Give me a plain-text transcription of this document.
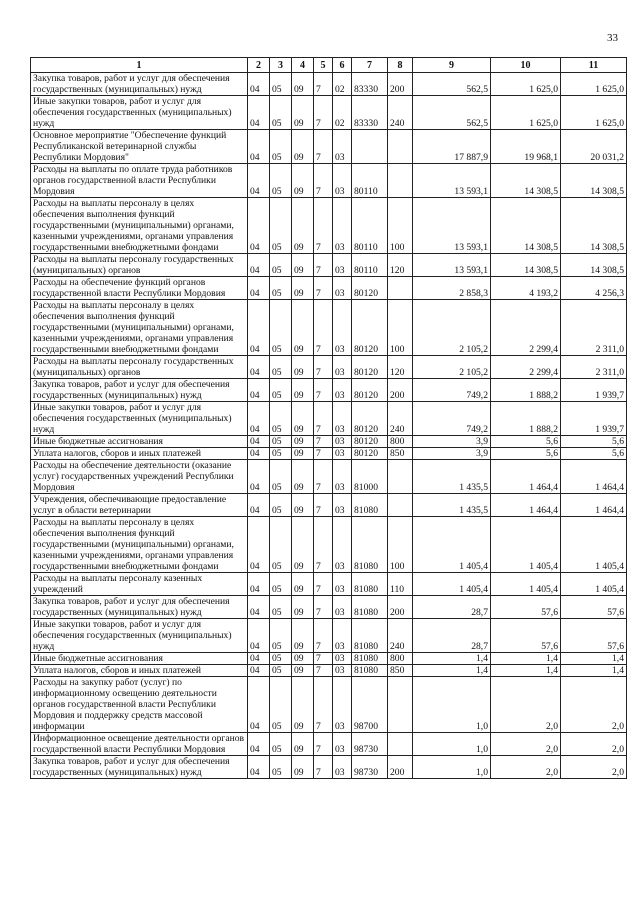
33
1	2	3	4	5	6	7	8	9	10	11
Закупка товаров, работ и услуг для обеспечения государственных (муниципальных) нужд	04	05	09	7	02	83330	200	562,5	1 625,0	1 625,0
Иные закупки товаров, работ и услуг для обеспечения государственных (муниципальных) нужд	04	05	09	7	02	83330	240	562,5	1 625,0	1 625,0
Основное мероприятие "Обеспечение функций Республиканской ветеринарной службы Республики Мордовия"	04	05	09	7	03			17 887,9	19 968,1	20 031,2
Расходы на выплаты по оплате труда работников органов государственной власти Республики Мордовия	04	05	09	7	03	80110		13 593,1	14 308,5	14 308,5
Расходы на выплаты персоналу в целях обеспечения выполнения функций государственными (муниципальными) органами, казенными учреждениями, органами управления государственными внебюджетными фондами	04	05	09	7	03	80110	100	13 593,1	14 308,5	14 308,5
Расходы на выплаты персоналу государственных (муниципальных) органов	04	05	09	7	03	80110	120	13 593,1	14 308,5	14 308,5
Расходы на обеспечение функций органов государственной власти Республики Мордовия	04	05	09	7	03	80120		2 858,3	4 193,2	4 256,3
Расходы на выплаты персоналу в целях обеспечения выполнения функций государственными (муниципальными) органами, казенными учреждениями, органами управления государственными внебюджетными фондами	04	05	09	7	03	80120	100	2 105,2	2 299,4	2 311,0
Расходы на выплаты персоналу государственных (муниципальных) органов	04	05	09	7	03	80120	120	2 105,2	2 299,4	2 311,0
Закупка товаров, работ и услуг для обеспечения государственных (муниципальных) нужд	04	05	09	7	03	80120	200	749,2	1 888,2	1 939,7
Иные закупки товаров, работ и услуг для обеспечения государственных (муниципальных) нужд	04	05	09	7	03	80120	240	749,2	1 888,2	1 939,7
Иные бюджетные ассигнования	04	05	09	7	03	80120	800	3,9	5,6	5,6
Уплата налогов, сборов и иных платежей	04	05	09	7	03	80120	850	3,9	5,6	5,6
Расходы на обеспечение деятельности (оказание услуг) государственных учреждений Республики Мордовия	04	05	09	7	03	81000		1 435,5	1 464,4	1 464,4
Учреждения, обеспечивающие предоставление услуг в области ветеринарии	04	05	09	7	03	81080		1 435,5	1 464,4	1 464,4
Расходы на выплаты персоналу в целях обеспечения выполнения функций государственными (муниципальными) органами, казенными учреждениями, органами управления государственными внебюджетными фондами	04	05	09	7	03	81080	100	1 405,4	1 405,4	1 405,4
Расходы на выплаты персоналу казенных учреждений	04	05	09	7	03	81080	110	1 405,4	1 405,4	1 405,4
Закупка товаров, работ и услуг для обеспечения государственных (муниципальных) нужд	04	05	09	7	03	81080	200	28,7	57,6	57,6
Иные закупки товаров, работ и услуг для обеспечения государственных (муниципальных) нужд	04	05	09	7	03	81080	240	28,7	57,6	57,6
Иные бюджетные ассигнования	04	05	09	7	03	81080	800	1,4	1,4	1,4
Уплата налогов, сборов и иных платежей	04	05	09	7	03	81080	850	1,4	1,4	1,4
Расходы на закупку работ (услуг) по информационному освещению деятельности органов государственной власти Республики Мордовия и поддержку средств массовой информации	04	05	09	7	03	98700		1,0	2,0	2,0
Информационное освещение деятельности органов государственной власти Республики Мордовия	04	05	09	7	03	98730		1,0	2,0	2,0
Закупка товаров, работ и услуг для обеспечения государственных (муниципальных) нужд	04	05	09	7	03	98730	200	1,0	2,0	2,0
